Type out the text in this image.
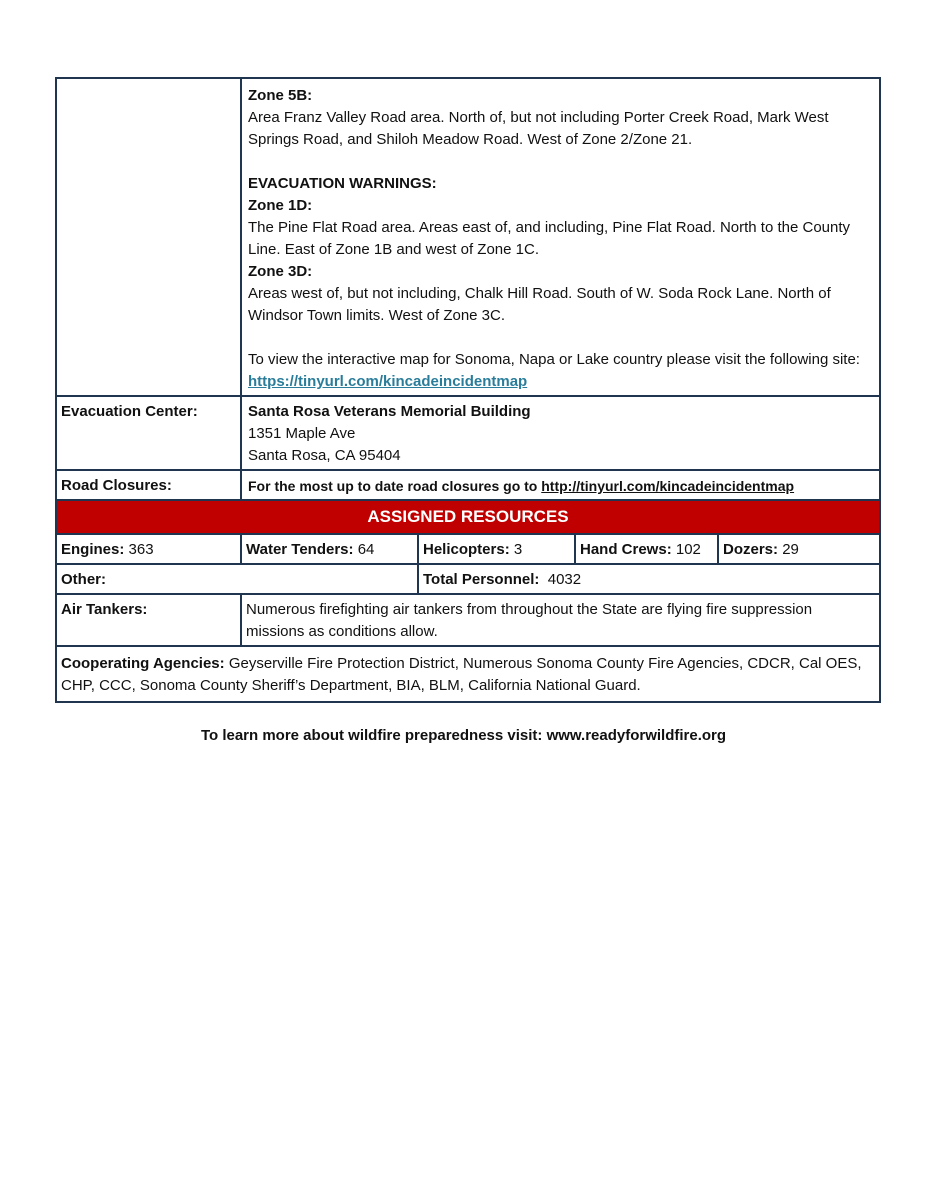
Zone 5B:
Area Franz Valley Road area. North of, but not including Porter Creek Road, Mark West Springs Road, and Shiloh Meadow Road. West of Zone 2/Zone 21.
EVACUATION WARNINGS:
Zone 1D:
The Pine Flat Road area. Areas east of, and including, Pine Flat Road. North to the County Line. East of Zone 1B and west of Zone 1C.
Zone 3D:
Areas west of, but not including, Chalk Hill Road. South of W. Soda Rock Lane. North of Windsor Town limits. West of Zone 3C.
To view the interactive map for Sonoma, Napa or Lake country please visit the following site: https://tinyurl.com/kincadeincidentmap
Evacuation Center:	Santa Rosa Veterans Memorial Building
1351 Maple Ave
Santa Rosa, CA 95404
Road Closures:	For the most up to date road closures go to http://tinyurl.com/kincadeincidentmap
ASSIGNED RESOURCES
Engines: 363	Water Tenders: 64	Helicopters: 3	Hand Crews: 102	Dozers: 29
Other:	Total Personnel: 4032
Air Tankers:	Numerous firefighting air tankers from throughout the State are flying fire suppression missions as conditions allow.
Cooperating Agencies: Geyserville Fire Protection District, Numerous Sonoma County Fire Agencies, CDCR, Cal OES, CHP, CCC, Sonoma County Sheriff’s Department, BIA, BLM, California National Guard.
To learn more about wildfire preparedness visit: www.readyforwildfire.org
